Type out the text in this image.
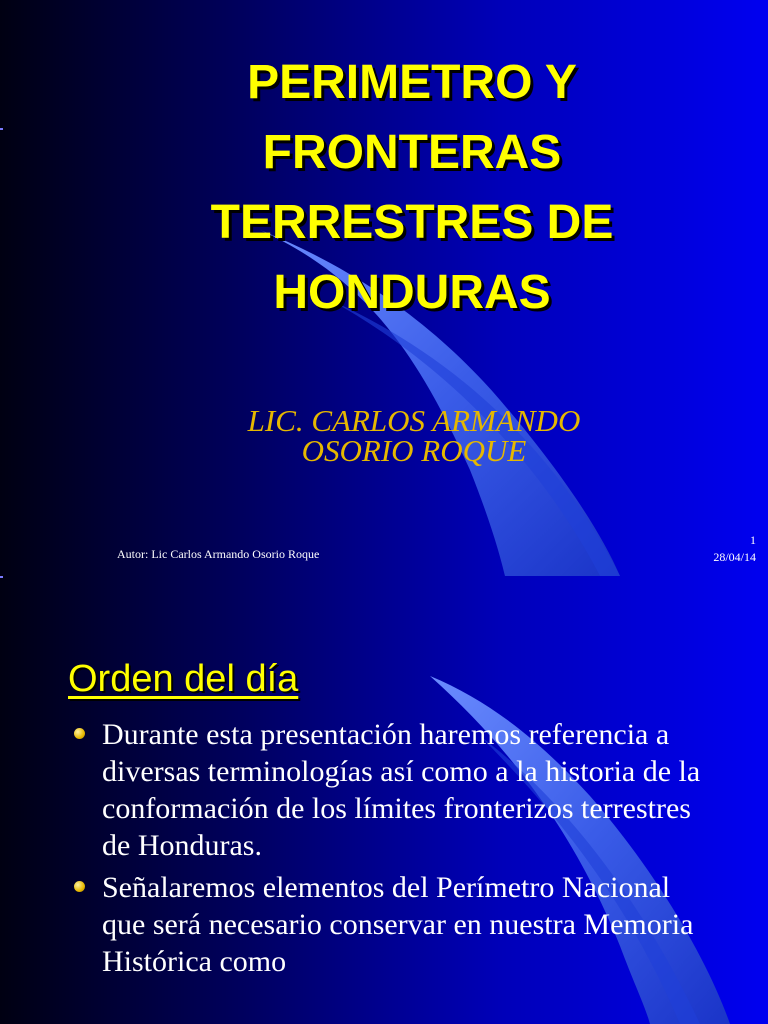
PERIMETRO Y
FRONTERAS
TERRESTRES DE
HONDURAS

LIC. CARLOS ARMANDO
OSORIO ROQUE

Autor: Lic Carlos Armando Osorio Roque
1
28/04/14
Orden del día
Durante esta presentación haremos referencia a diversas terminologías así como a la historia de la conformación de los límites fronterizos terrestres de Honduras.
Señalaremos elementos del Perímetro Nacional que será necesario conservar en nuestra Memoria Histórica como
